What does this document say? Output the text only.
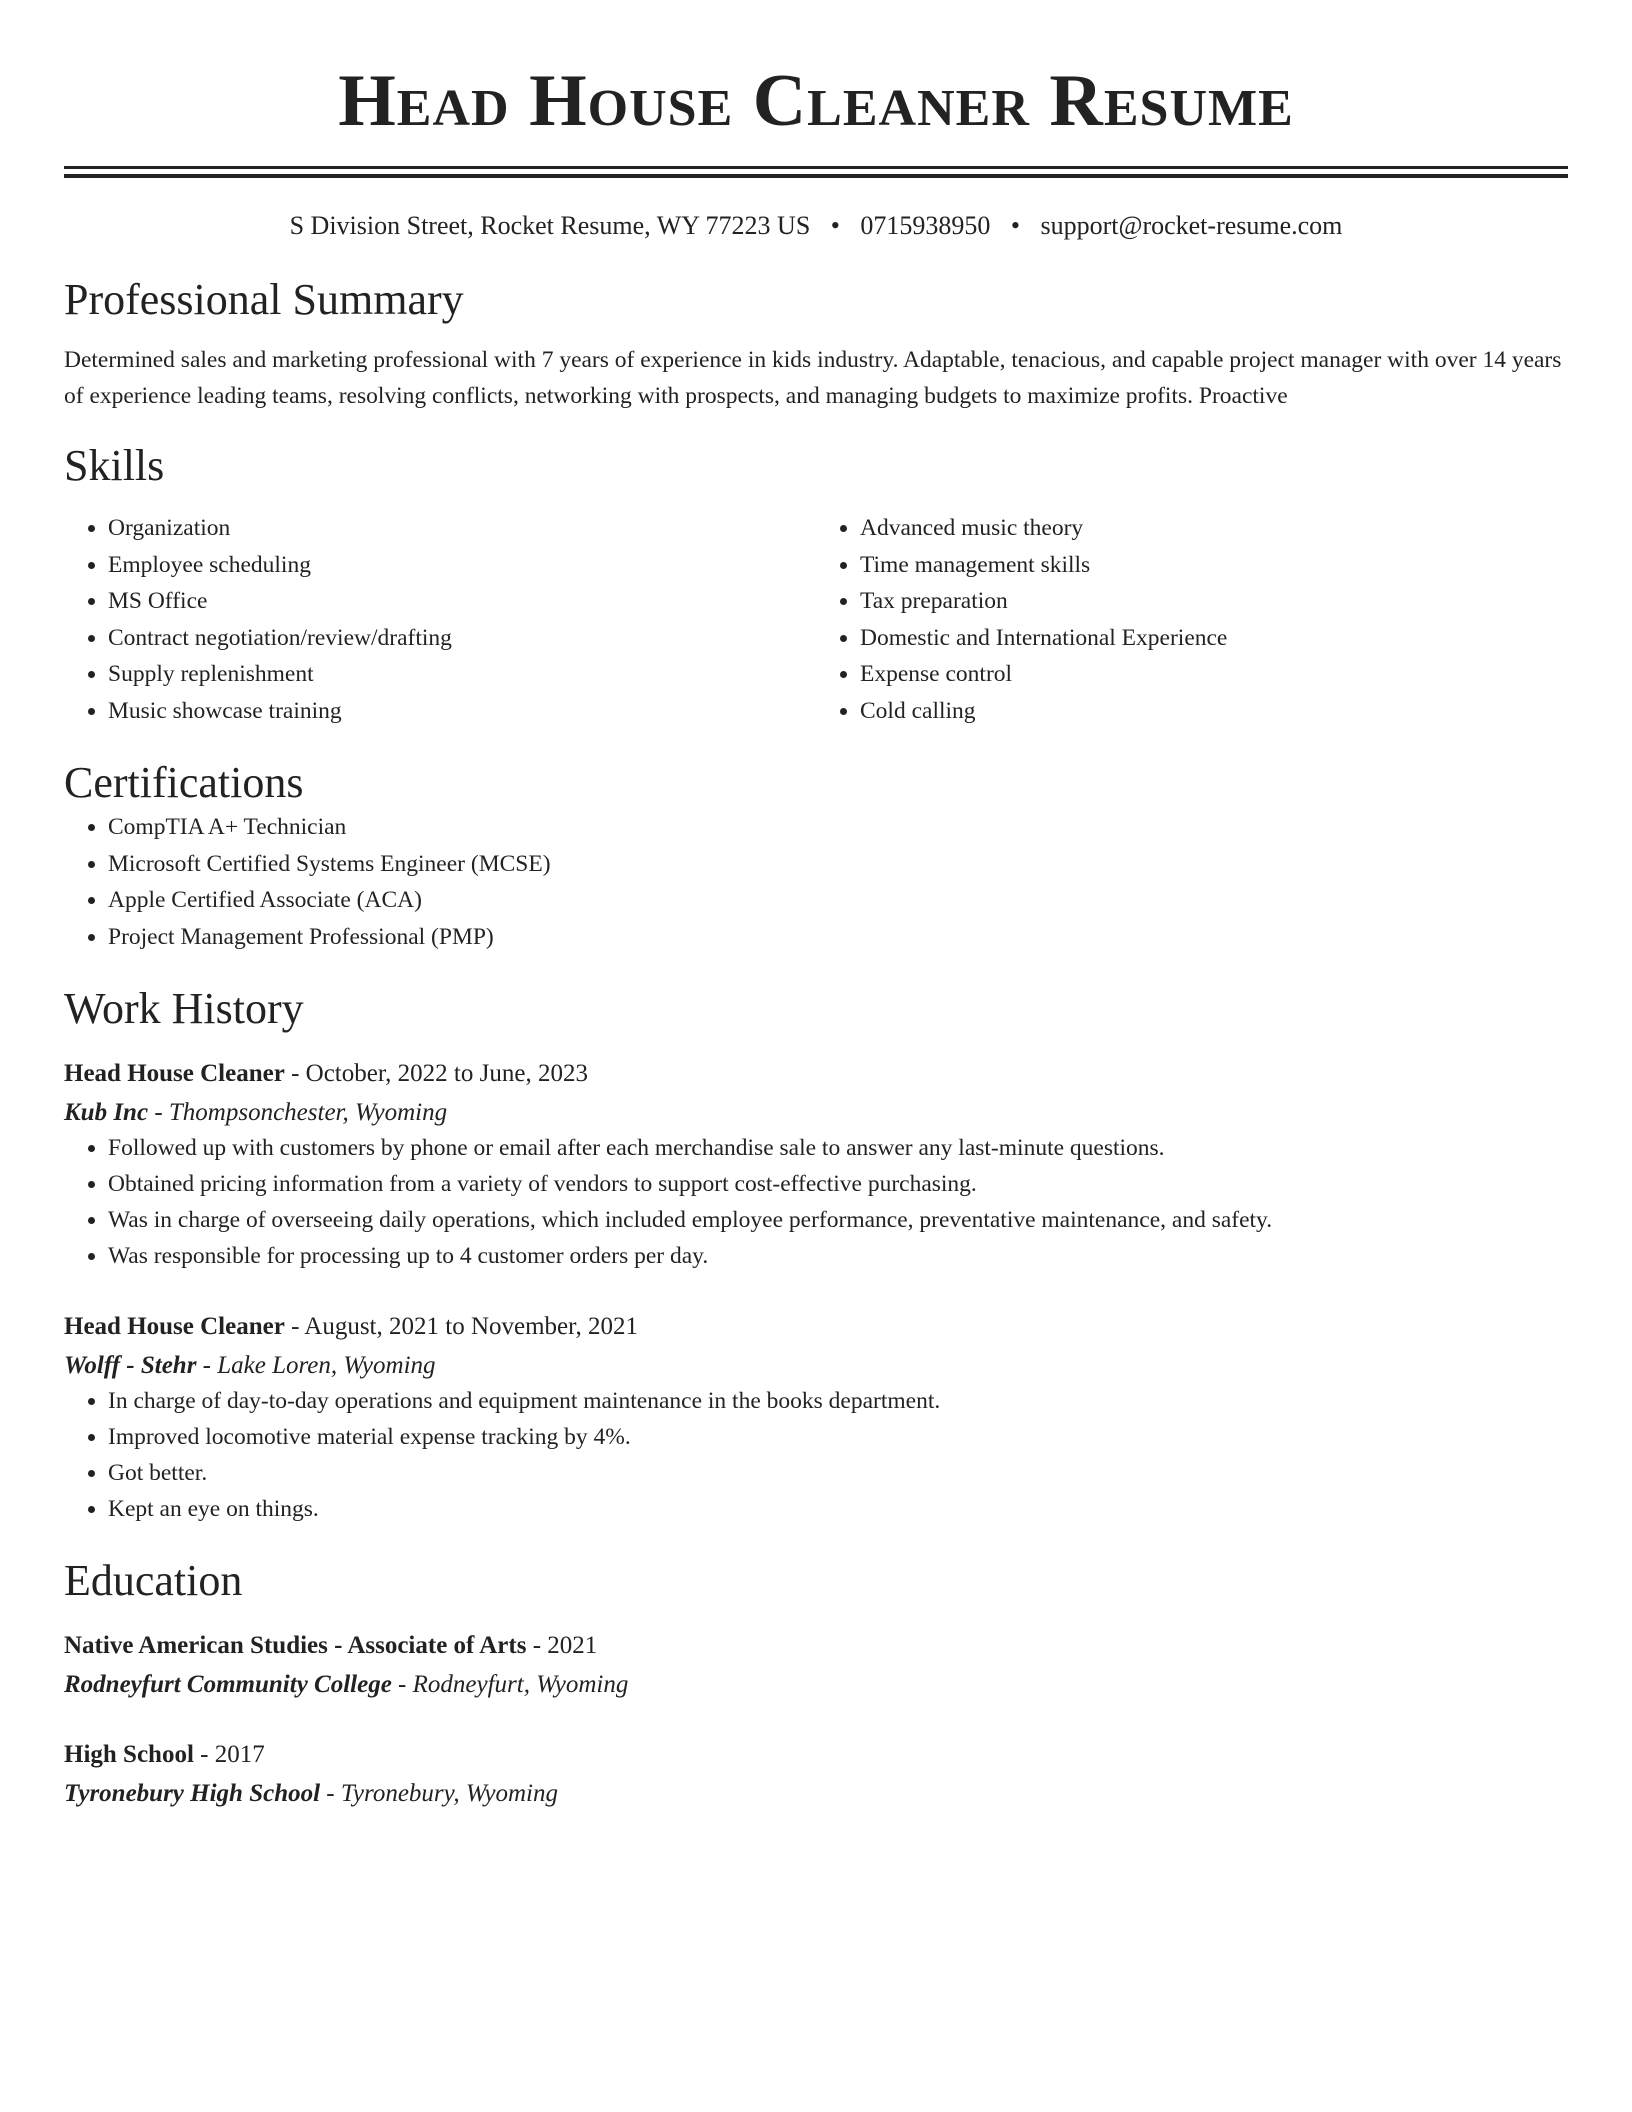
Head House Cleaner Resume
S Division Street, Rocket Resume, WY 77223 US • 0715938950 • support@rocket-resume.com
Professional Summary

Determined sales and marketing professional with 7 years of experience in kids industry. Adaptable, tenacious, and capable project manager with over 14 years of experience leading teams, resolving conflicts, networking with prospects, and managing budgets to maximize profits. Proactive

Skills
• Organization
• Employee scheduling
• MS Office
• Contract negotiation/review/drafting
• Supply replenishment
• Music showcase training
• Advanced music theory
• Time management skills
• Tax preparation
• Domestic and International Experience
• Expense control
• Cold calling
Certifications
• CompTIA A+ Technician
• Microsoft Certified Systems Engineer (MCSE)
• Apple Certified Associate (ACA)
• Project Management Professional (PMP)
Work History
Head House Cleaner - October, 2022 to June, 2023
Kub Inc - Thompsonchester, Wyoming
• Followed up with customers by phone or email after each merchandise sale to answer any last-minute questions.
• Obtained pricing information from a variety of vendors to support cost-effective purchasing.
• Was in charge of overseeing daily operations, which included employee performance, preventative maintenance, and safety.
• Was responsible for processing up to 4 customer orders per day.
Head House Cleaner - August, 2021 to November, 2021
Wolff - Stehr - Lake Loren, Wyoming
• In charge of day-to-day operations and equipment maintenance in the books department.
• Improved locomotive material expense tracking by 4%.
• Got better.
• Kept an eye on things.
Education
Native American Studies - Associate of Arts - 2021
Rodneyfurt Community College - Rodneyfurt, Wyoming
High School - 2017
Tyronebury High School - Tyronebury, Wyoming
